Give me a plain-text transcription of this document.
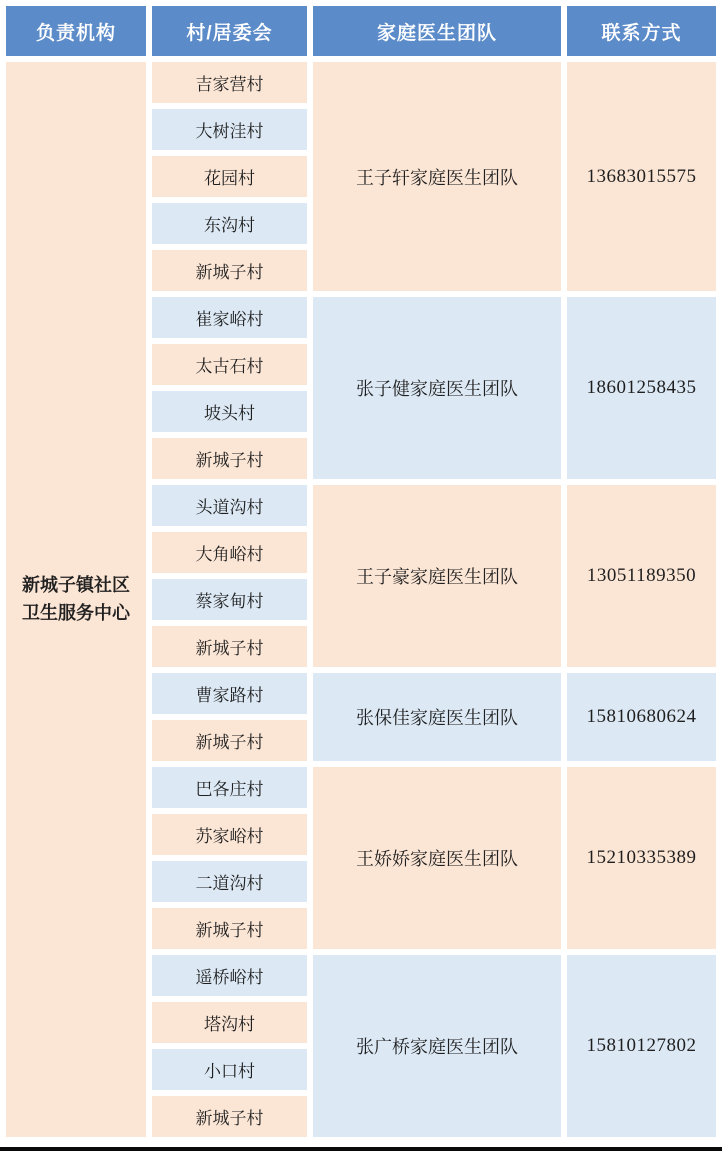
负责机构	村/居委会	家庭医生团队	联系方式

新城子镇社区
卫生服务中心	吉家营村	王子轩家庭医生团队	13683015575
	大树洼村		
	花园村		
	东沟村		
	新城子村		
	崔家峪村	张子健家庭医生团队	18601258435
	太古石村		
	坡头村		
	新城子村		
	头道沟村	王子豪家庭医生团队	13051189350
	大角峪村		
	蔡家甸村		
	新城子村		
	曹家路村	张保佳家庭医生团队	15810680624
	新城子村		
	巴各庄村	王娇娇家庭医生团队	15210335389
	苏家峪村		
	二道沟村		
	新城子村		
	遥桥峪村	张广桥家庭医生团队	15810127802
	塔沟村		
	小口村		
	新城子村		
